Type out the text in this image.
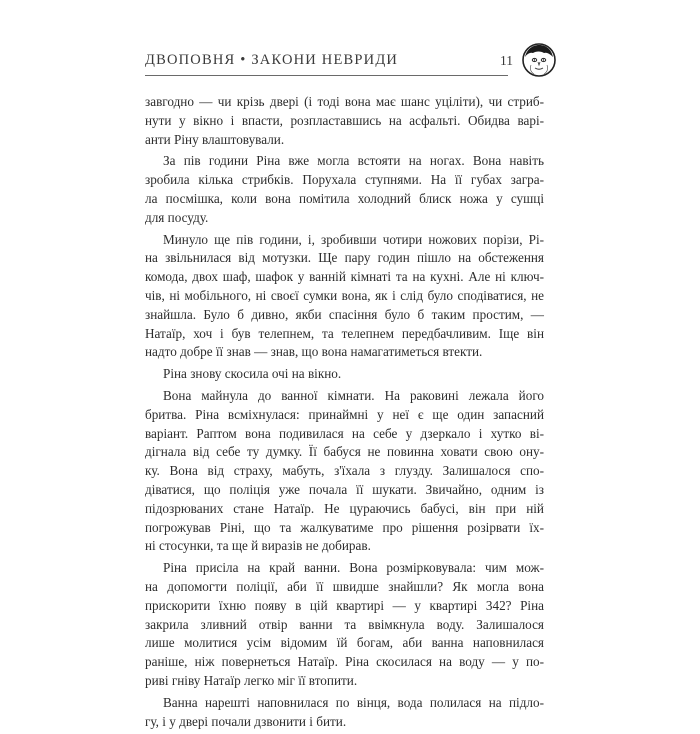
ДВОПОВНЯ • ЗАКОНИ НЕВРИДИ	11
завгодно — чи крізь двері (і тоді вона має шанс уціліти), чи стриб-
нути у вікно і впасти, розпластавшись на асфальті. Обидва варі-
анти Ріну влаштовували.
За пів години Ріна вже могла встояти на ногах. Вона навіть
зробила кілька стрибків. Порухала ступнями. На її губах загра-
ла посмішка, коли вона помітила холодний блиск ножа у сушці
для посуду.
Минуло ще пів години, і, зробивши чотири ножових порізи, Рі-
на звільнилася від мотузки. Ще пару годин пішло на обстеження
комода, двох шаф, шафок у ванній кімнаті та на кухні. Але ні ключ-
чів, ні мобільного, ні своєї сумки вона, як і слід було сподіватися, не
знайшла. Було б дивно, якби спасіння було б таким простим, —
Натаїр, хоч і був телепнем, та телепнем передбачливим. Іще він
надто добре її знав — знав, що вона намагатиметься втекти.
Ріна знову скосила очі на вікно.
Вона майнула до ванної кімнати. На раковині лежала його
бритва. Ріна всміхнулася: принаймні у неї є ще один запасний
варіант. Раптом вона подивилася на себе у дзеркало і хутко ві-
дігнала від себе ту думку. Її бабуся не повинна ховати свою ону-
ку. Вона від страху, мабуть, з'їхала з глузду. Залишалося спо-
діватися, що поліція уже почала її шукати. Звичайно, одним із
підозрюваних стане Натаїр. Не цураючись бабусі, він при ній
погрожував Ріні, що та жалкуватиме про рішення розірвати їх-
ні стосунки, та ще й виразів не добирав.
Ріна присіла на край ванни. Вона розмірковувала: чим мож-
на допомогти поліції, аби її швидше знайшли? Як могла вона
прискорити їхню появу в цій квартирі — у квартирі 342? Ріна
закрила зливний отвір ванни та ввімкнула воду. Залишалося
лише молитися усім відомим їй богам, аби ванна наповнилася
раніше, ніж повернеться Натаїр. Ріна скосилася на воду — у по-
риві гніву Натаїр легко міг її втопити.
Ванна нарешті наповнилася по вінця, вода полилася на підло-
гу, і у двері почали дзвонити і бити.
